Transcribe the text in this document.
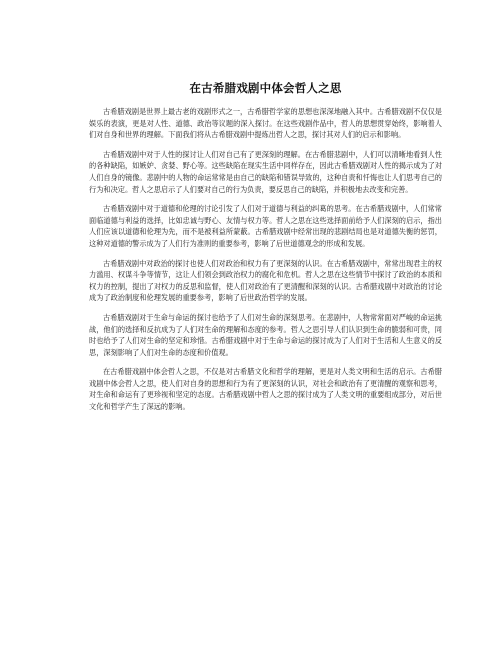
在古希腊戏剧中体会哲人之思

古希腊戏剧是世界上最古老的戏剧形式之一，古希腊哲学家的思想也深深地融入其中。古希腊戏剧不仅仅是娱乐的表演，更是对人性、道德、政治等议题的深入探讨。在这些戏剧作品中，哲人的思想贯穿始终，影响着人们对自身和世界的理解。下面我们将从古希腊戏剧中提炼出哲人之思，探讨其对人们的启示和影响。

古希腊戏剧中对于人性的探讨让人们对自己有了更深刻的理解。在古希腊悲剧中，人们可以清晰地看到人性的各种缺陷，如嫉妒、贪婪、野心等。这些缺陷在现实生活中同样存在，因此古希腊戏剧对人性的揭示成为了对人们自身的镜像。悲剧中的人物的命运常常是由自己的缺陷和错误导致的，这种自责和忏悔也让人们思考自己的行为和决定。哲人之思启示了人们要对自己的行为负责，要反思自己的缺陷，并积极地去改变和完善。

古希腊戏剧中对于道德和伦理的讨论引发了人们对于道德与利益的纠葛的思考。在古希腊戏剧中，人们常常面临道德与利益的选择，比如忠诚与野心、友情与权力等。哲人之思在这些选择面前给予人们深刻的启示，指出人们应该以道德和伦理为先，而不是被利益所蒙蔽。古希腊戏剧中经常出现的悲剧结局也是对道德失衡的惩罚，这种对道德的警示成为了人们行为准则的重要参考，影响了后世道德观念的形成和发展。

古希腊戏剧中对政治的探讨也使人们对政治和权力有了更深刻的认识。在古希腊戏剧中，常常出现君主的权力滥用、权谋斗争等情节，这让人们领会到政治权力的腐化和危机。哲人之思在这些情节中探讨了政治的本质和权力的控制，提出了对权力的反思和监督，使人们对政治有了更清醒和深刻的认识。古希腊戏剧中对政治的讨论成为了政治制度和伦理发展的重要参考，影响了后世政治哲学的发展。

古希腊戏剧对于生命与命运的探讨也给予了人们对生命的深刻思考。在悲剧中，人物常常面对严峻的命运挑战，他们的选择和反抗成为了人们对生命的理解和态度的参考。哲人之思引导人们认识到生命的脆弱和可贵，同时也给予了人们对生命的坚定和珍惜。古希腊戏剧中对于生命与命运的探讨成为了人们对于生活和人生意义的反思，深刻影响了人们对生命的态度和价值观。

在古希腊戏剧中体会哲人之思，不仅是对古希腊文化和哲学的理解，更是对人类文明和生活的启示。古希腊戏剧中体会哲人之思，使人们对自身的思想和行为有了更深刻的认识，对社会和政治有了更清醒的观察和思考，对生命和命运有了更珍视和坚定的态度。古希腊戏剧中哲人之思的探讨成为了人类文明的重要组成部分，对后世文化和哲学产生了深远的影响。
